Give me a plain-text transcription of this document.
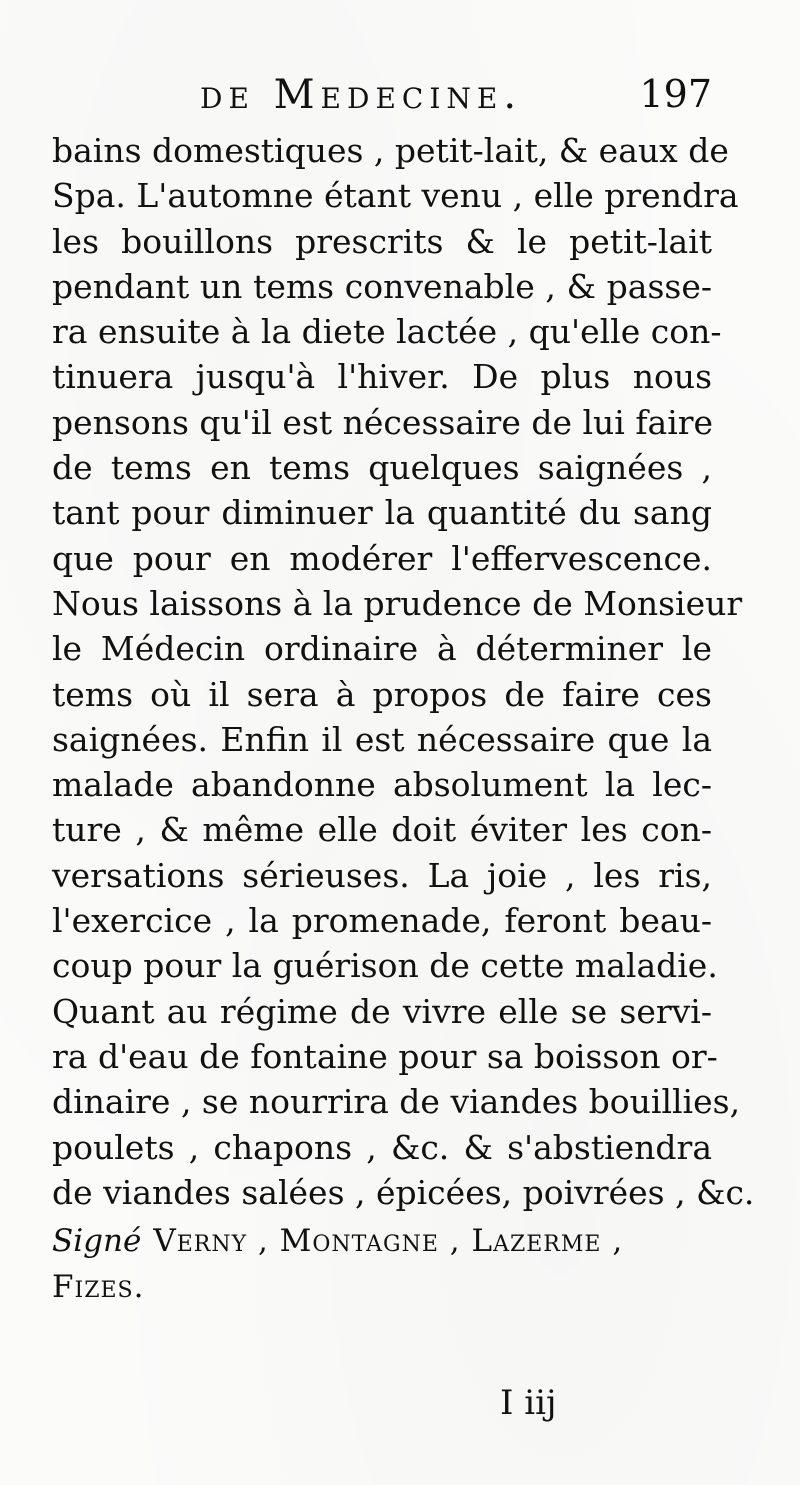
de Medecine.	197
bains domestiques , petit-lait, & eaux de
Spa. L'automne étant venu , elle prendra
les bouillons prescrits & le petit-lait
pendant un tems convenable , & passe-
ra ensuite à la diete lactée , qu'elle con-
tinuera jusqu'à l'hiver. De plus nous
pensons qu'il est nécessaire de lui faire
de tems en tems quelques saignées ,
tant pour diminuer la quantité du sang
que pour en modérer l'effervescence.
Nous laissons à la prudence de Monsieur
le Médecin ordinaire à déterminer le
tems où il sera à propos de faire ces
saignées. Enfin il est nécessaire que la
malade abandonne absolument la lec-
ture , & même elle doit éviter les con-
versations sérieuses. La joie , les ris,
l'exercice , la promenade, feront beau-
coup pour la guérison de cette maladie.
Quant au régime de vivre elle se servi-
ra d'eau de fontaine pour sa boisson or-
dinaire , se nourrira de viandes bouillies,
poulets , chapons , &c. & s'abstiendra
de viandes salées , épicées, poivrées , &c.
Signé Verny , Montagne , Lazerme ,
Fizes.
I iij
